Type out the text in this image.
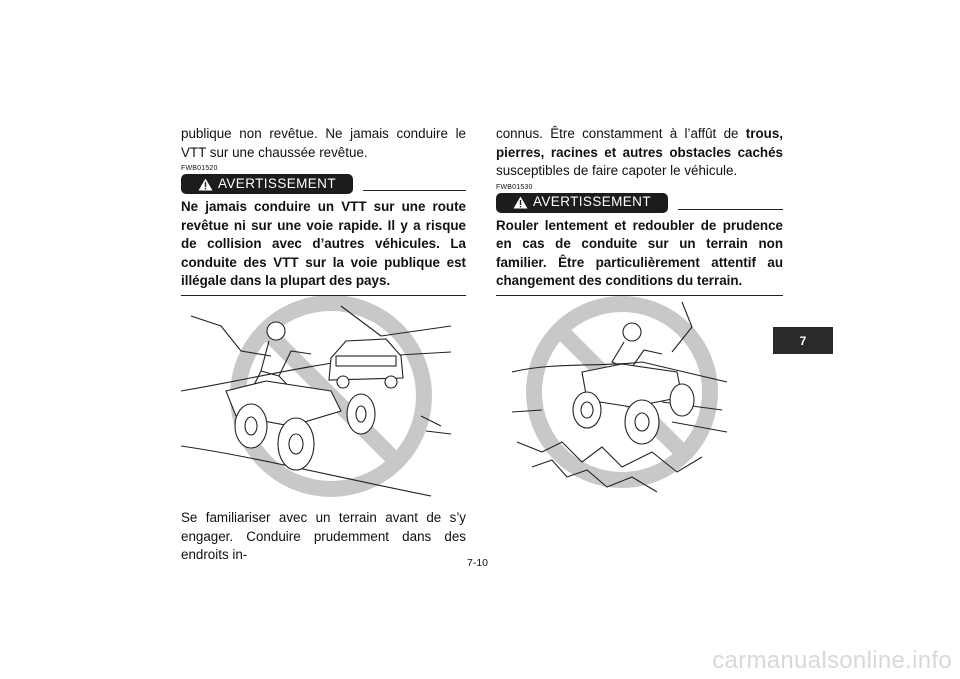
publique non revêtue. Ne jamais conduire le VTT sur une chaussée revêtue.

FWB01520
AVERTISSEMENT

Ne jamais conduire un VTT sur une route revêtue ni sur une voie rapide. Il y a risque de collision avec d’autres véhicules. La conduite des VTT sur la voie publique est illégale dans la plupart des pays.

Se familiariser avec un terrain avant de s’y engager. Conduire prudemment dans des endroits in-

connus. Être constamment à l’affût de trous, pierres, racines et autres obstacles cachés susceptibles de faire capoter le véhicule.

FWB01530
AVERTISSEMENT

Rouler lentement et redoubler de prudence en cas de conduite sur un terrain non familier. Être particulièrement attentif au changement des conditions du terrain.

7-10
7
carmanualsonline.info
